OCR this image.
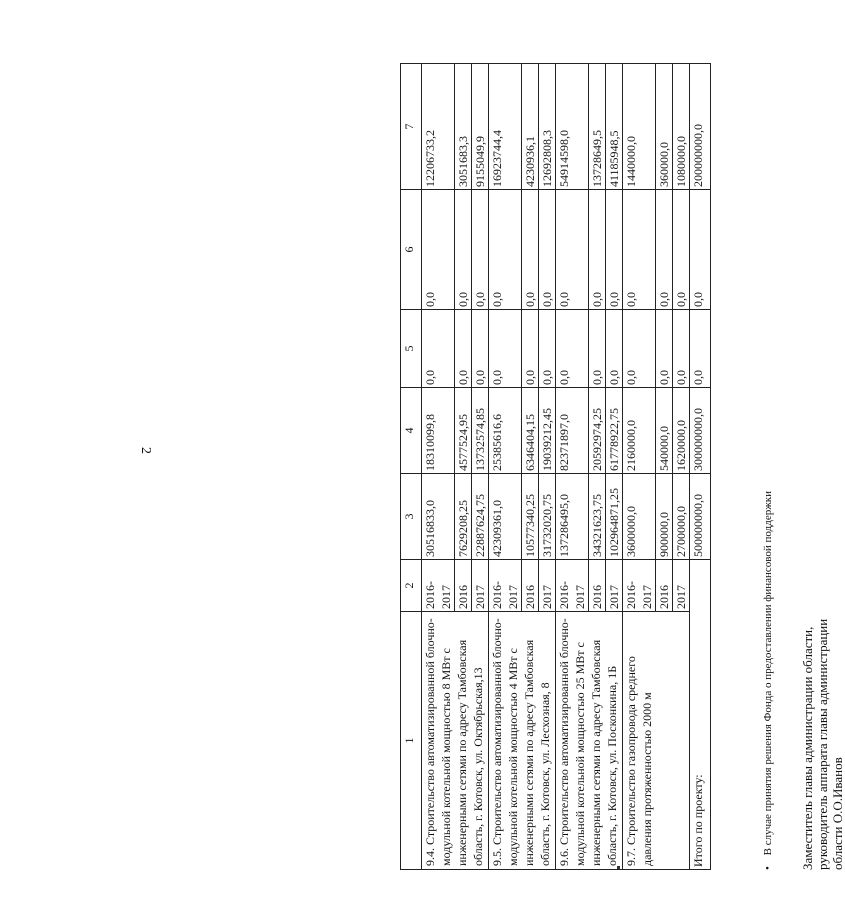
2
1	2	3	4	5	6	7
9.4. Строительство автоматизированной блочно-модульной котельной мощностью 8 МВт с инженерными сетями по адресу Тамбовская область, г. Котовск, ул. Октябрьская,13	2016-2017	30516833,0	18310099,8	0,0	0,0	12206733,2
	2016	7629208,25	4577524,95	0,0	0,0	3051683,3
	2017	22887624,75	13732574,85	0,0	0,0	9155049,9
9.5. Строительство автоматизированной блочно-модульной котельной мощностью 4 МВт с инженерными сетями по адресу Тамбовская область, г. Котовск, ул. Лесхозная, 8	2016-2017	42309361,0	25385616,6	0,0	0,0	16923744,4
	2016	10577340,25	6346404,15	0,0	0,0	4230936,1
	2017	31732020,75	19039212,45	0,0	0,0	12692808,3
9.6. Строительство автоматизированной блочно-модульной котельной мощностью 25 МВт с инженерными сетями по адресу Тамбовская область, г. Котовск, ул. Посконкина, 1Б	2016-2017	137286495,0	82371897,0	0,0	0,0	54914598,0
	2016	34321623,75	20592974,25	0,0	0,0	13728649,5
	2017	102964871,25	61778922,75	0,0	0,0	41185948,5
9.7. Строительство газопровода среднего давления протяженностью 2000 м	2016-2017	3600000,0	2160000,0	0,0	0,0	1440000,0
	2016	900000,0	540000,0	0,0	0,0	360000,0
	2017	2700000,0	1620000,0	0,0	0,0	1080000,0
Итого по проекту:		500000000,0	300000000,0	0,0	0,0	200000000,0
• В случае принятия решения Фонда о предоставлении финансовой поддержки Заместитель главы администрации области, руководитель аппарата главы администрации области О.О.Иванов
